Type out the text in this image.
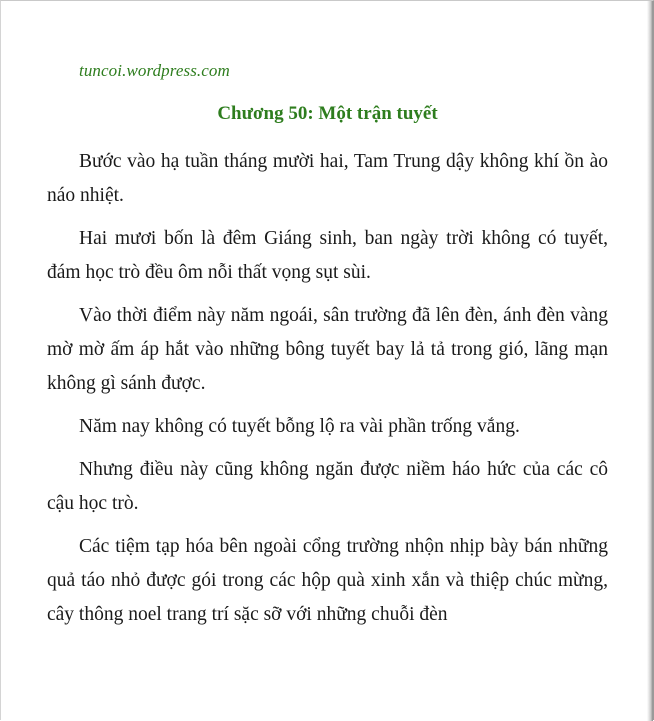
tuncoi.wordpress.com
Chương 50: Một trận tuyết

Bước vào hạ tuần tháng mười hai, Tam Trung dậy không khí ồn ào náo nhiệt.

Hai mươi bốn là đêm Giáng sinh, ban ngày trời không có tuyết, đám học trò đều ôm nỗi thất vọng sụt sùi.

Vào thời điểm này năm ngoái, sân trường đã lên đèn, ánh đèn vàng mờ mờ ấm áp hắt vào những bông tuyết bay lả tả trong gió, lãng mạn không gì sánh được.

Năm nay không có tuyết bỗng lộ ra vài phần trống vắng.

Nhưng điều này cũng không ngăn được niềm háo hức của các cô cậu học trò.

Các tiệm tạp hóa bên ngoài cổng trường nhộn nhịp bày bán những quả táo nhỏ được gói trong các hộp quà xinh xắn và thiệp chúc mừng, cây thông noel trang trí sặc sỡ với những chuỗi đèn
